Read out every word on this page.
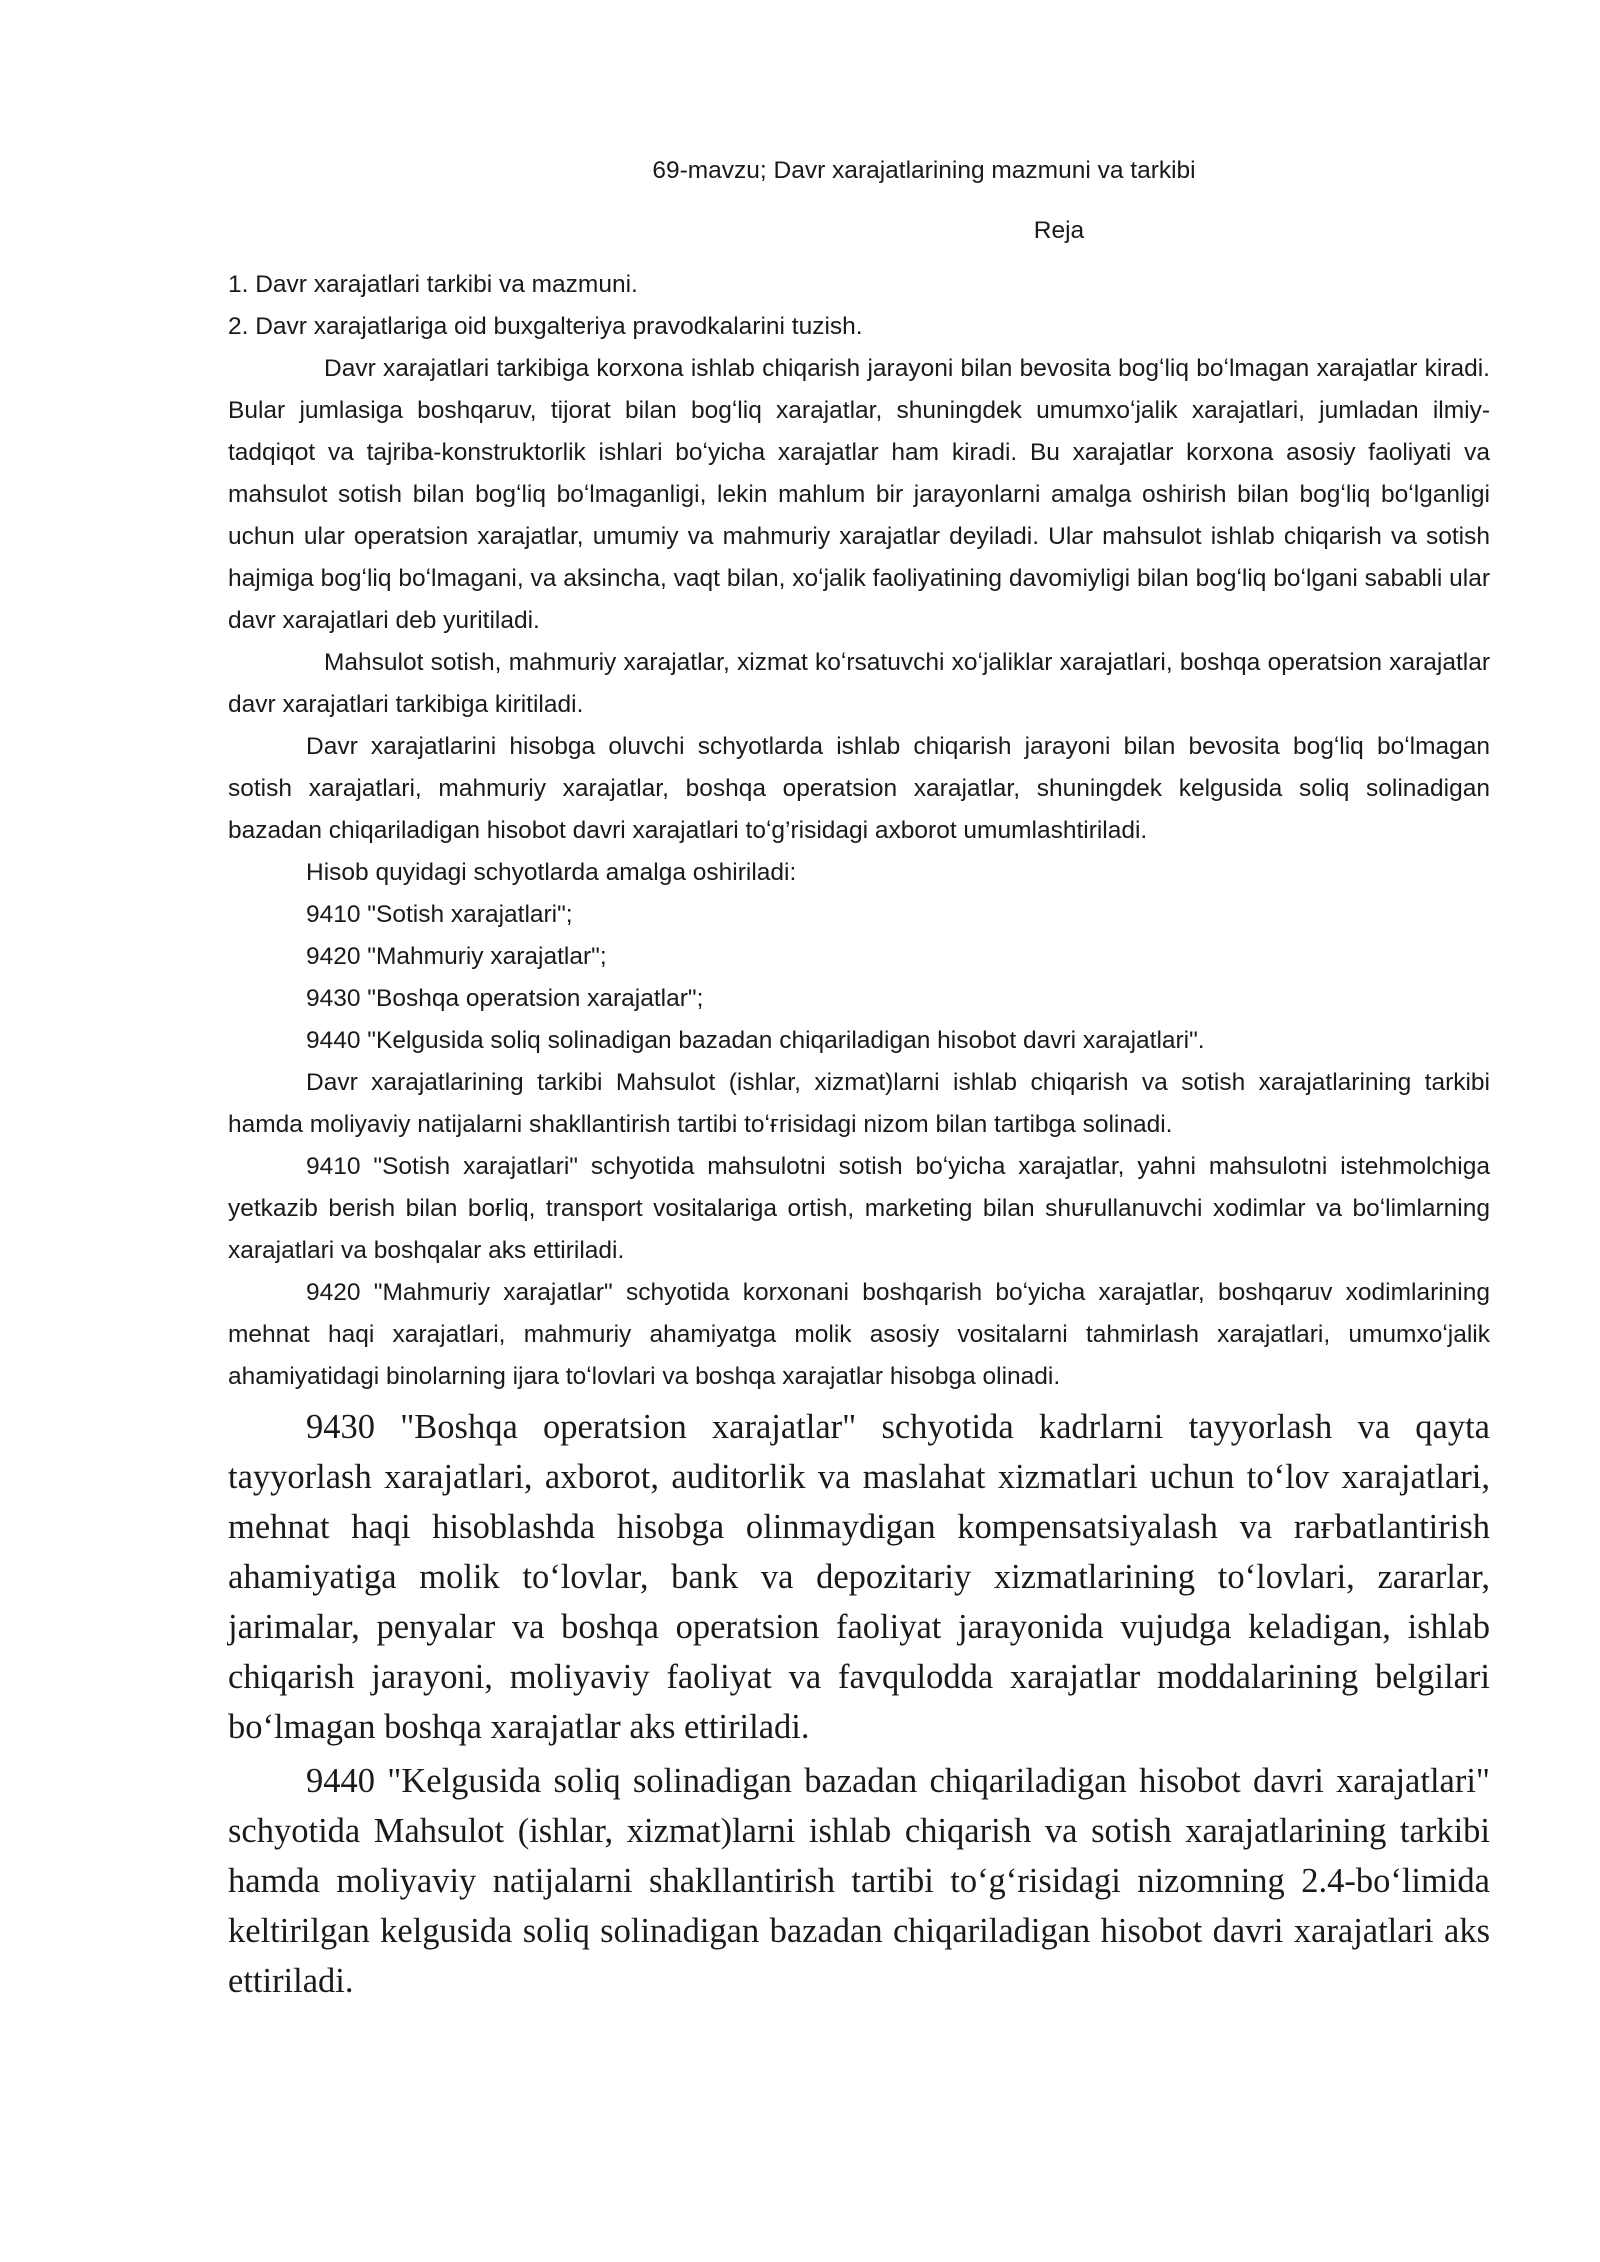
69-mavzu; Davr xarajatlarining mazmuni va tarkibi
Reja

1. Davr xarajatlari tarkibi va mazmuni.

2. Davr xarajatlariga oid buxgalteriya pravodkalarini tuzish.

Davr xarajatlari tarkibiga korxona ishlab chiqarish jarayoni bilan bevosita bogʻliq boʻlmagan xarajatlar kiradi. Bular jumlasiga boshqaruv, tijorat bilan bogʻliq xarajatlar, shuningdek umumxoʻjalik xarajatlari, jumladan ilmiy-tadqiqot va tajriba-konstruktorlik ishlari boʻyicha xarajatlar ham kiradi. Bu xarajatlar korxona asosiy faoliyati va mahsulot sotish bilan bogʻliq boʻlmaganligi, lekin mahlum bir jarayonlarni amalga oshirish bilan bogʻliq boʻlganligi uchun ular operatsion xarajatlar, umumiy va mahmuriy xarajatlar deyiladi. Ular mahsulot ishlab chiqarish va sotish hajmiga bogʻliq boʻlmagani, va aksincha, vaqt bilan, xoʻjalik faoliyatining davomiyligi bilan bogʻliq boʻlgani sababli ular davr xarajatlari deb yuritiladi.

Mahsulot sotish, mahmuriy xarajatlar, xizmat koʻrsatuvchi xoʻjaliklar xarajatlari, boshqa operatsion xarajatlar davr xarajatlari tarkibiga kiritiladi.

Davr xarajatlarini hisobga oluvchi schyotlarda ishlab chiqarish jarayoni bilan bevosita bogʻliq boʻlmagan sotish xarajatlari, mahmuriy xarajatlar, boshqa operatsion xarajatlar, shuningdek kelgusida soliq solinadigan bazadan chiqariladigan hisobot davri xarajatlari toʻg’risidagi axborot umumlashtiriladi.

Hisob quyidagi schyotlarda amalga oshiriladi:

9410 "Sotish xarajatlari";

9420 "Mahmuriy xarajatlar";

9430 "Boshqa operatsion xarajatlar";

9440 "Kelgusida soliq solinadigan bazadan chiqariladigan hisobot davri xarajatlari".

Davr xarajatlarining tarkibi Mahsulot (ishlar, xizmat)larni ishlab chiqarish va sotish xarajatlarining tarkibi hamda moliyaviy natijalarni shakllantirish tartibi toʻғrisidagi nizom bilan tartibga solinadi.

9410 "Sotish xarajatlari" schyotida mahsulotni sotish boʻyicha xarajatlar, yahni mahsulotni istehmolchiga yetkazib berish bilan boғliq, transport vositalariga ortish, marketing bilan shuғullanuvchi xodimlar va boʻlimlarning xarajatlari va boshqalar aks ettiriladi.

9420 "Mahmuriy xarajatlar" schyotida korxonani boshqarish boʻyicha xarajatlar, boshqaruv xodimlarining mehnat haqi xarajatlari, mahmuriy ahamiyatga molik asosiy vositalarni tahmirlash xarajatlari, umumxoʻjalik ahamiyatidagi binolarning ijara toʻlovlari va boshqa xarajatlar hisobga olinadi.

9430 "Boshqa operatsion xarajatlar" schyotida kadrlarni tayyorlash va qayta tayyorlash xarajatlari, axborot, auditorlik va maslahat xizmatlari uchun toʻlov xarajatlari, mehnat haqi hisoblashda hisobga olinmaydigan kompensatsiyalash va raғbatlantirish ahamiyatiga molik toʻlovlar, bank va depozitariy xizmatlarining toʻlovlari, zararlar, jarimalar, penyalar va boshqa operatsion faoliyat jarayonida vujudga keladigan, ishlab chiqarish jarayoni, moliyaviy faoliyat va favqulodda xarajatlar moddalarining belgilari boʻlmagan boshqa xarajatlar aks ettiriladi.

9440 "Kelgusida soliq solinadigan bazadan chiqariladigan hisobot davri xarajatlari" schyotida Mahsulot (ishlar, xizmat)larni ishlab chiqarish va sotish xarajatlarining tarkibi hamda moliyaviy natijalarni shakllantirish tartibi toʻgʻrisidagi nizomning 2.4-boʻlimida keltirilgan kelgusida soliq solinadigan bazadan chiqariladigan hisobot davri xarajatlari aks ettiriladi.
